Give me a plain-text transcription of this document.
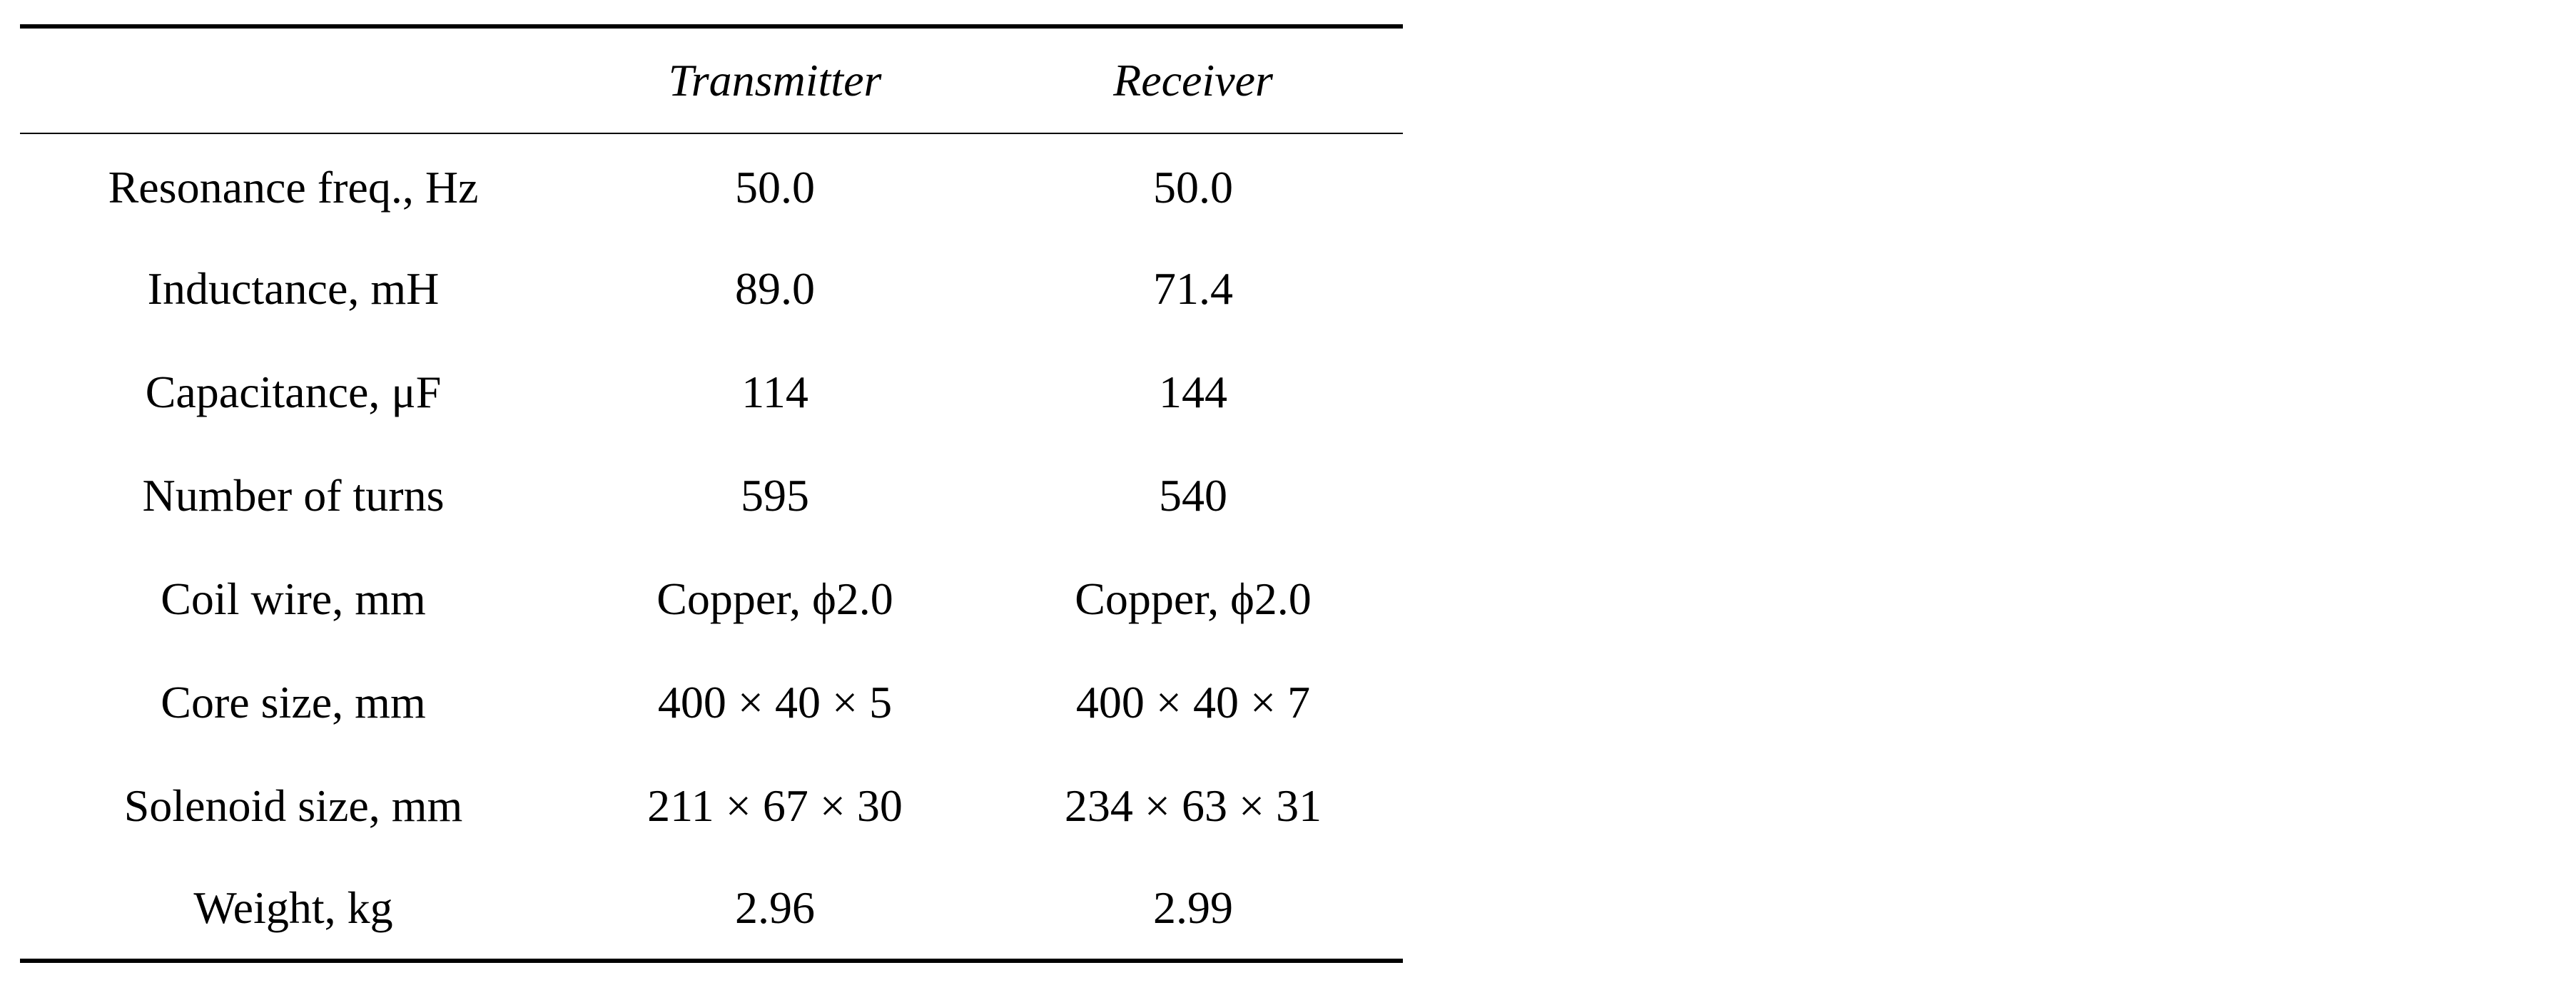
	Transmitter	Receiver
Resonance freq., Hz	50.0	50.0
Inductance, mH	89.0	71.4
Capacitance, μF	114	144
Number of turns	595	540
Coil wire, mm	Copper, ϕ2.0	Copper, ϕ2.0
Core size, mm	400 × 40 × 5	400 × 40 × 7
Solenoid size, mm	211 × 67 × 30	234 × 63 × 31
Weight, kg	2.96	2.99
